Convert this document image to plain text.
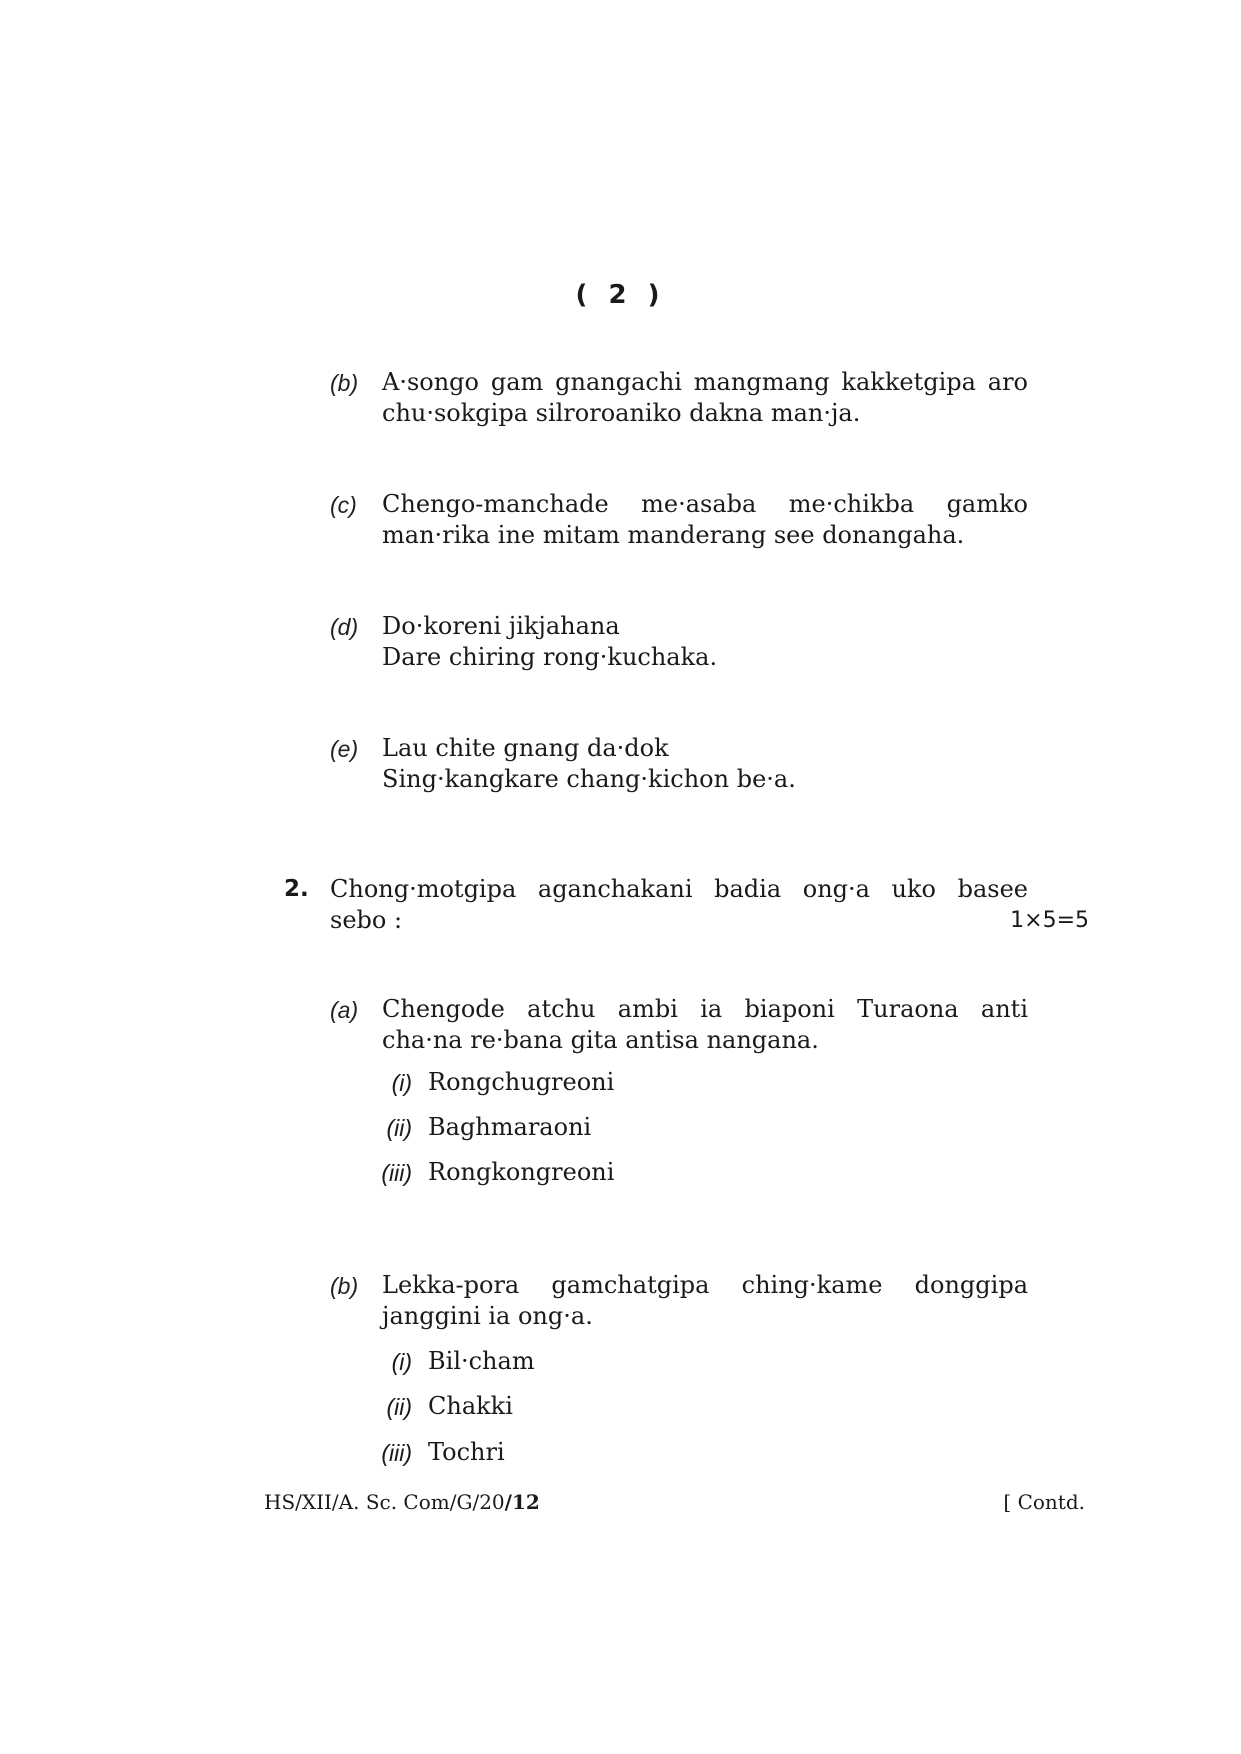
( 2 )
(b) A·songo gam gnangachi mangmang kakketgipa aro
chu·sokgipa silroroaniko dakna man·ja.
(c) Chengo-manchade me·asaba me·chikba gamko
man·rika ine mitam manderang see donangaha.
(d) Do·koreni jikjahana
Dare chiring rong·kuchaka.
(e) Lau chite gnang da·dok
Sing·kangkare chang·kichon be·a.
2. Chong·motgipa aganchakani badia ong·a uko basee
sebo :	1×5=5
(a) Chengode atchu ambi ia biaponi Turaona anti
cha·na re·bana gita antisa nangana.
(i) Rongchugreoni
(ii) Baghmaraoni
(iii) Rongkongreoni
(b) Lekka-pora gamchatgipa ching·kame donggipa
janggini ia ong·a.
(i) Bil·cham
(ii) Chakki
(iii) Tochri
HS/XII/A. Sc. Com/G/20/12	[ Contd.
